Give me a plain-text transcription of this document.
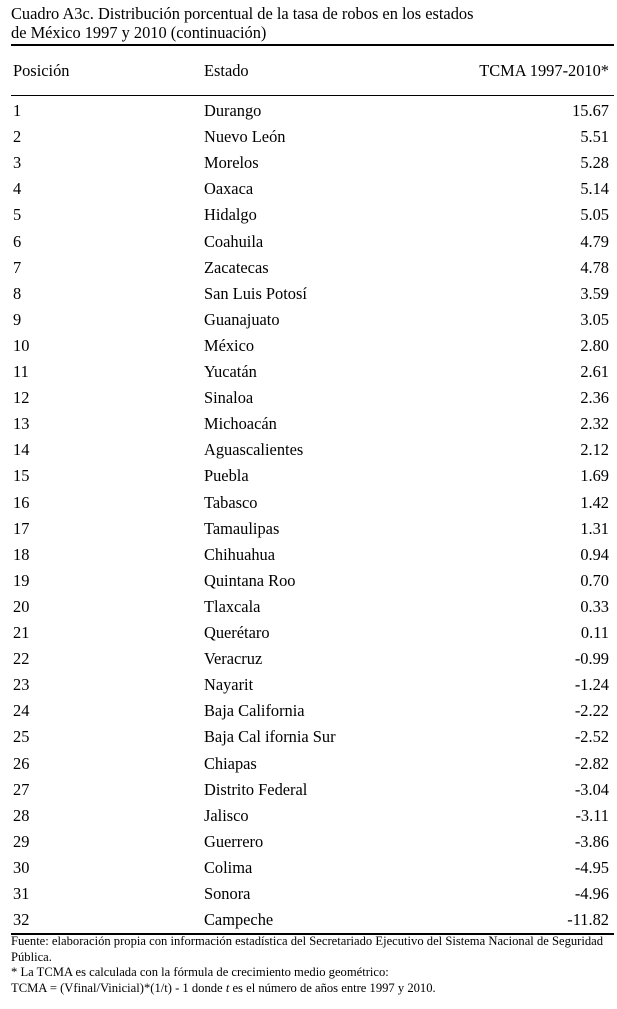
Cuadro A3c. Distribución porcentual de la tasa de robos en los estados
de México 1997 y 2010 (continuación)
Posición	Estado	TCMA 1997-2010*
1	Durango	15.67
2	Nuevo León	5.51
3	Morelos	5.28
4	Oaxaca	5.14
5	Hidalgo	5.05
6	Coahuila	4.79
7	Zacatecas	4.78
8	San Luis Potosí	3.59
9	Guanajuato	3.05
10	México	2.80
11	Yucatán	2.61
12	Sinaloa	2.36
13	Michoacán	2.32
14	Aguascalientes	2.12
15	Puebla	1.69
16	Tabasco	1.42
17	Tamaulipas	1.31
18	Chihuahua	0.94
19	Quintana Roo	0.70
20	Tlaxcala	0.33
21	Querétaro	0.11
22	Veracruz	-0.99
23	Nayarit	-1.24
24	Baja California	-2.22
25	Baja Cal ifornia Sur	-2.52
26	Chiapas	-2.82
27	Distrito Federal	-3.04
28	Jalisco	-3.11
29	Guerrero	-3.86
30	Colima	-4.95
31	Sonora	-4.96
32	Campeche	-11.82
Fuente: elaboración propia con información estadística del Secretariado Ejecutivo del Sistema Nacional de Seguridad Pública.
* La TCMA es calculada con la fórmula de crecimiento medio geométrico:
TCMA = (Vfinal/Vinicial)*(1/t) - 1 donde t es el número de años entre 1997 y 2010.
